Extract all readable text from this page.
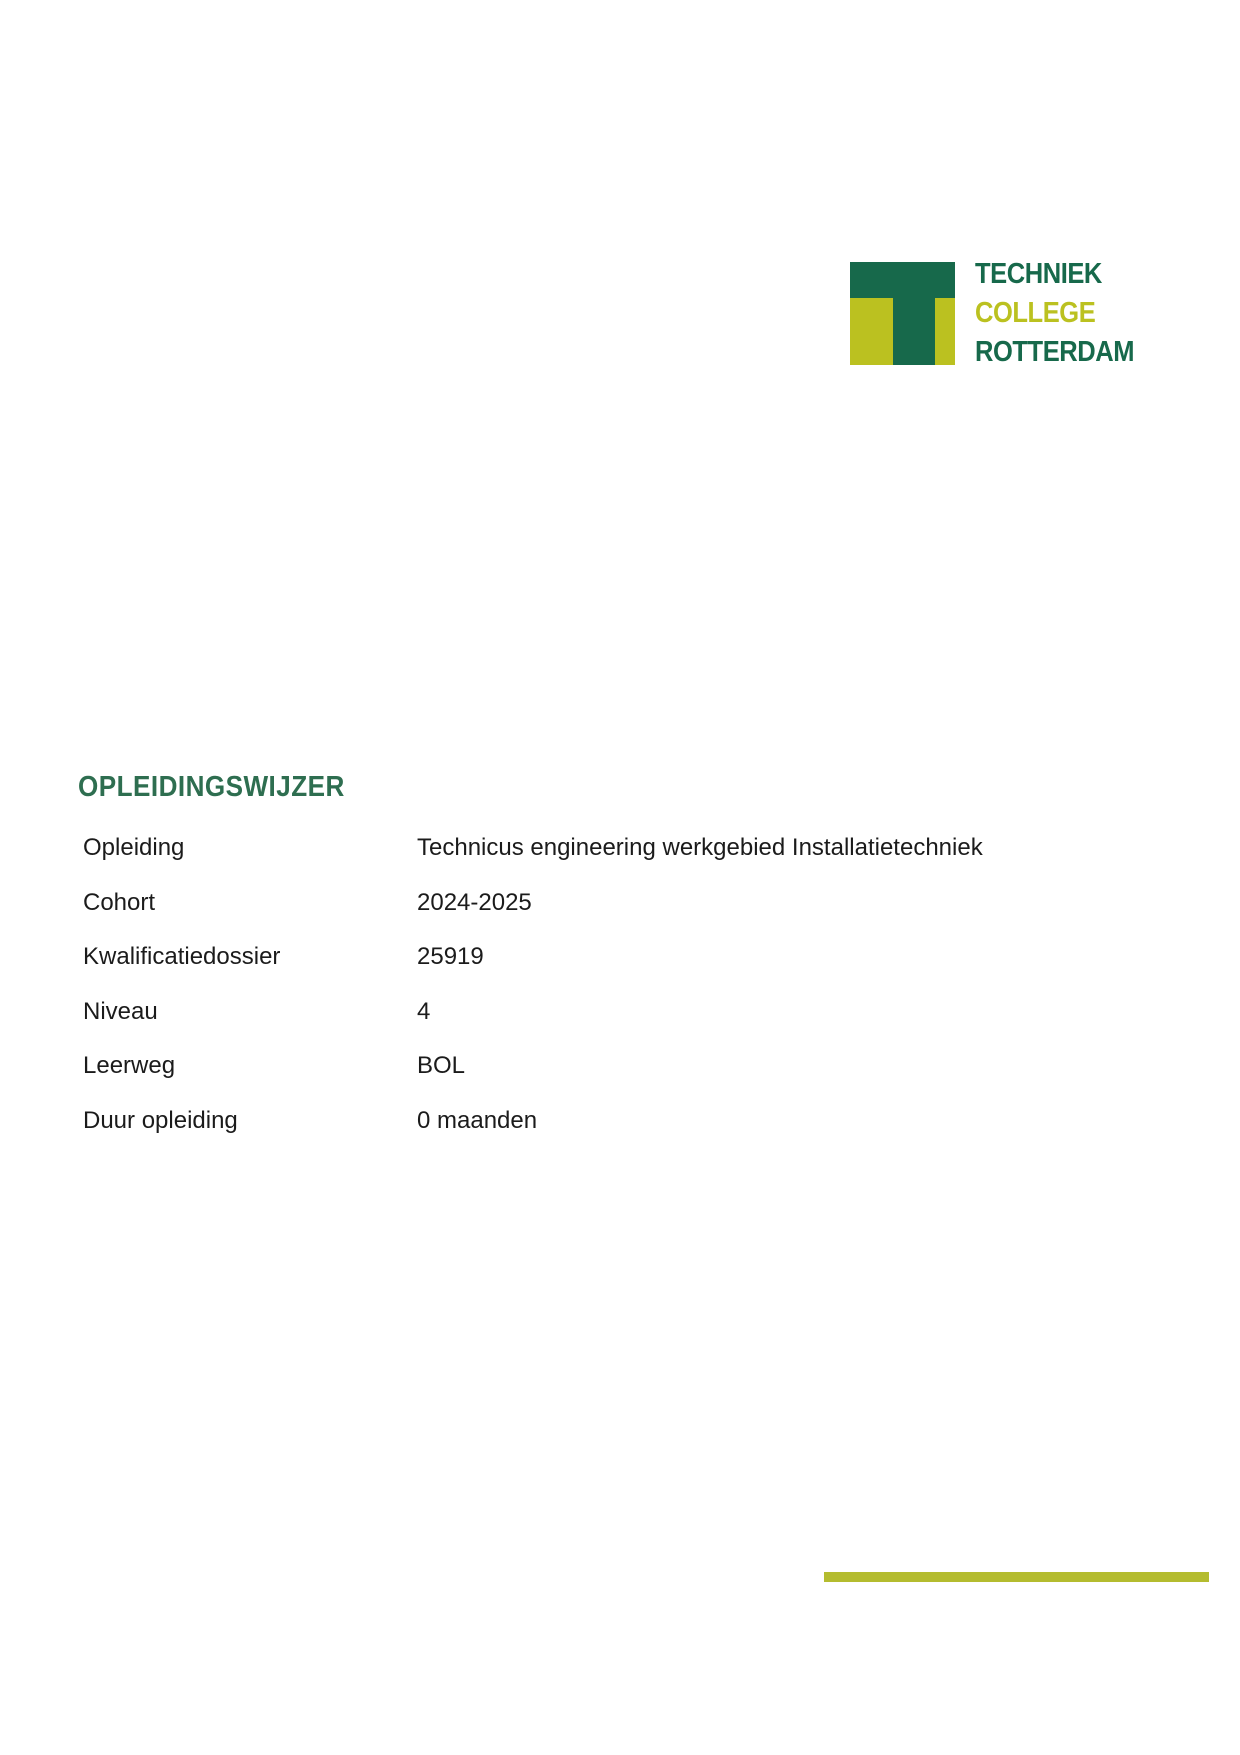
TECHNIEK
COLLEGE
ROTTERDAM
OPLEIDINGSWIJZER
Opleiding	Technicus engineering werkgebied Installatietechniek
Cohort	2024-2025
Kwalificatiedossier	25919
Niveau	4
Leerweg	BOL
Duur opleiding	0 maanden
